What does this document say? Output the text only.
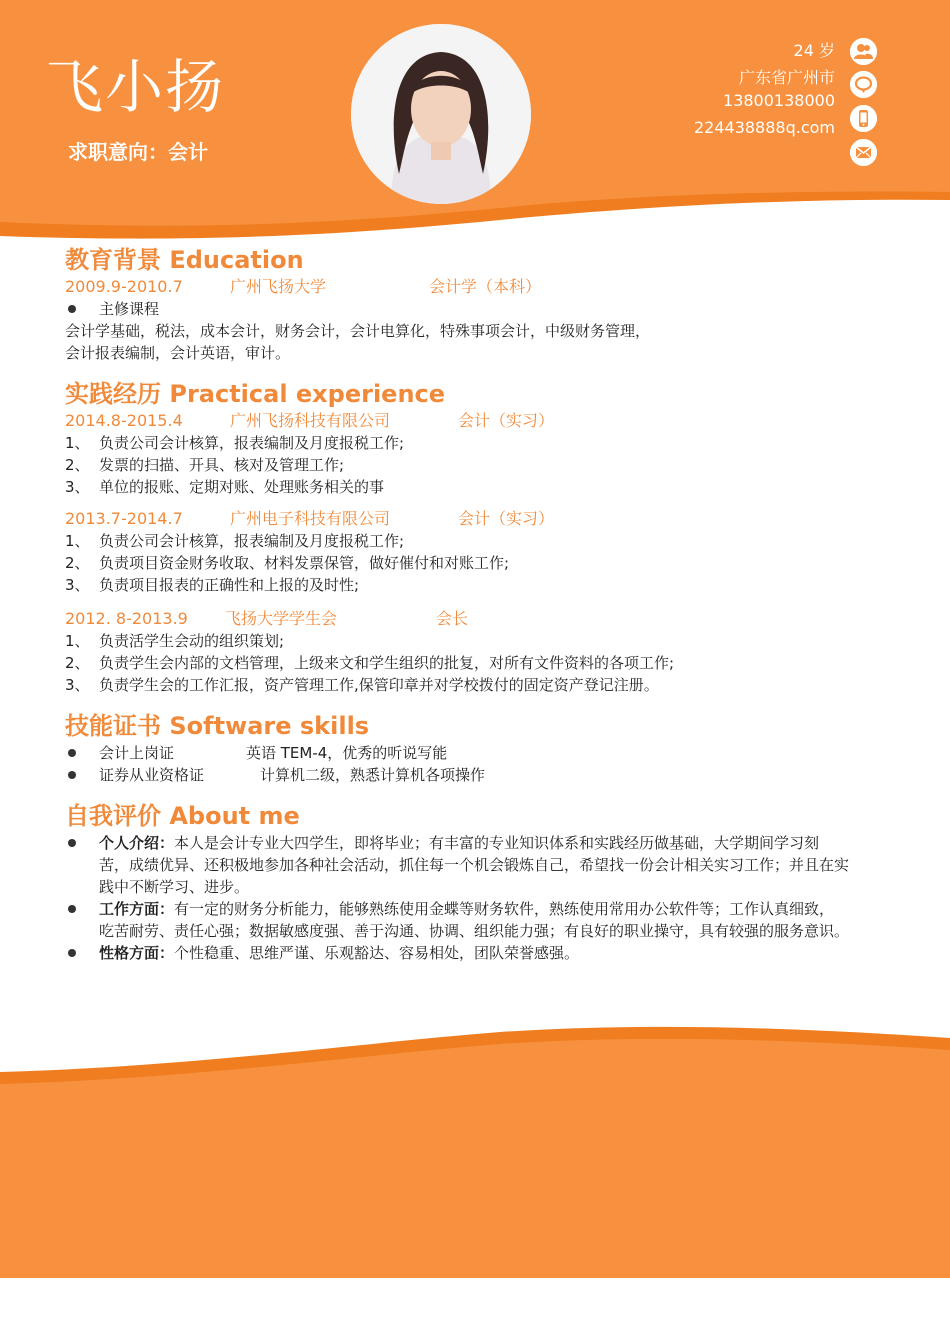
飞小扬
求职意向：会计
24 岁
广东省广州市
13800138000
224438888q.com
教育背景 Education
2009.9-2010.7	广州飞扬大学	会计学（本科）
主修课程
会计学基础，税法，成本会计，财务会计，会计电算化，特殊事项会计，中级财务管理，
会计报表编制，会计英语，审计。
实践经历 Practical experience
2014.8-2015.4	广州飞扬科技有限公司	会计（实习）
1、 负责公司会计核算，报表编制及月度报税工作;
2、 发票的扫描、开具、核对及管理工作;
3、 单位的报账、定期对账、处理账务相关的事
2013.7-2014.7	广州电子科技有限公司	会计（实习）
1、 负责公司会计核算，报表编制及月度报税工作;
2、 负责项目资金财务收取、材料发票保管，做好催付和对账工作;
3、 负责项目报表的正确性和上报的及时性;
2012. 8-2013.9 飞扬大学学生会	会长
1、 负责活学生会动的组织策划;
2、 负责学生会内部的文档管理，上级来文和学生组织的批复，对所有文件资料的各项工作;
3、 负责学生会的工作汇报，资产管理工作,保管印章并对学校拨付的固定资产登记注册。
技能证书 Software skills
会计上岗证	英语 TEM-4，优秀的听说写能
证券从业资格证	计算机二级，熟悉计算机各项操作
自我评价 About me
个人介绍：本人是会计专业大四学生，即将毕业；有丰富的专业知识体系和实践经历做基础，大学期间学习刻苦，成绩优异、还积极地参加各种社会活动，抓住每一个机会锻炼自己，希望找一份会计相关实习工作；并且在实践中不断学习、进步。
工作方面：有一定的财务分析能力，能够熟练使用金蝶等财务软件，熟练使用常用办公软件等；工作认真细致，吃苦耐劳、责任心强；数据敏感度强、善于沟通、协调、组织能力强；有良好的职业操守，具有较强的服务意识。
性格方面：个性稳重、思维严谨、乐观豁达、容易相处，团队荣誉感强。
